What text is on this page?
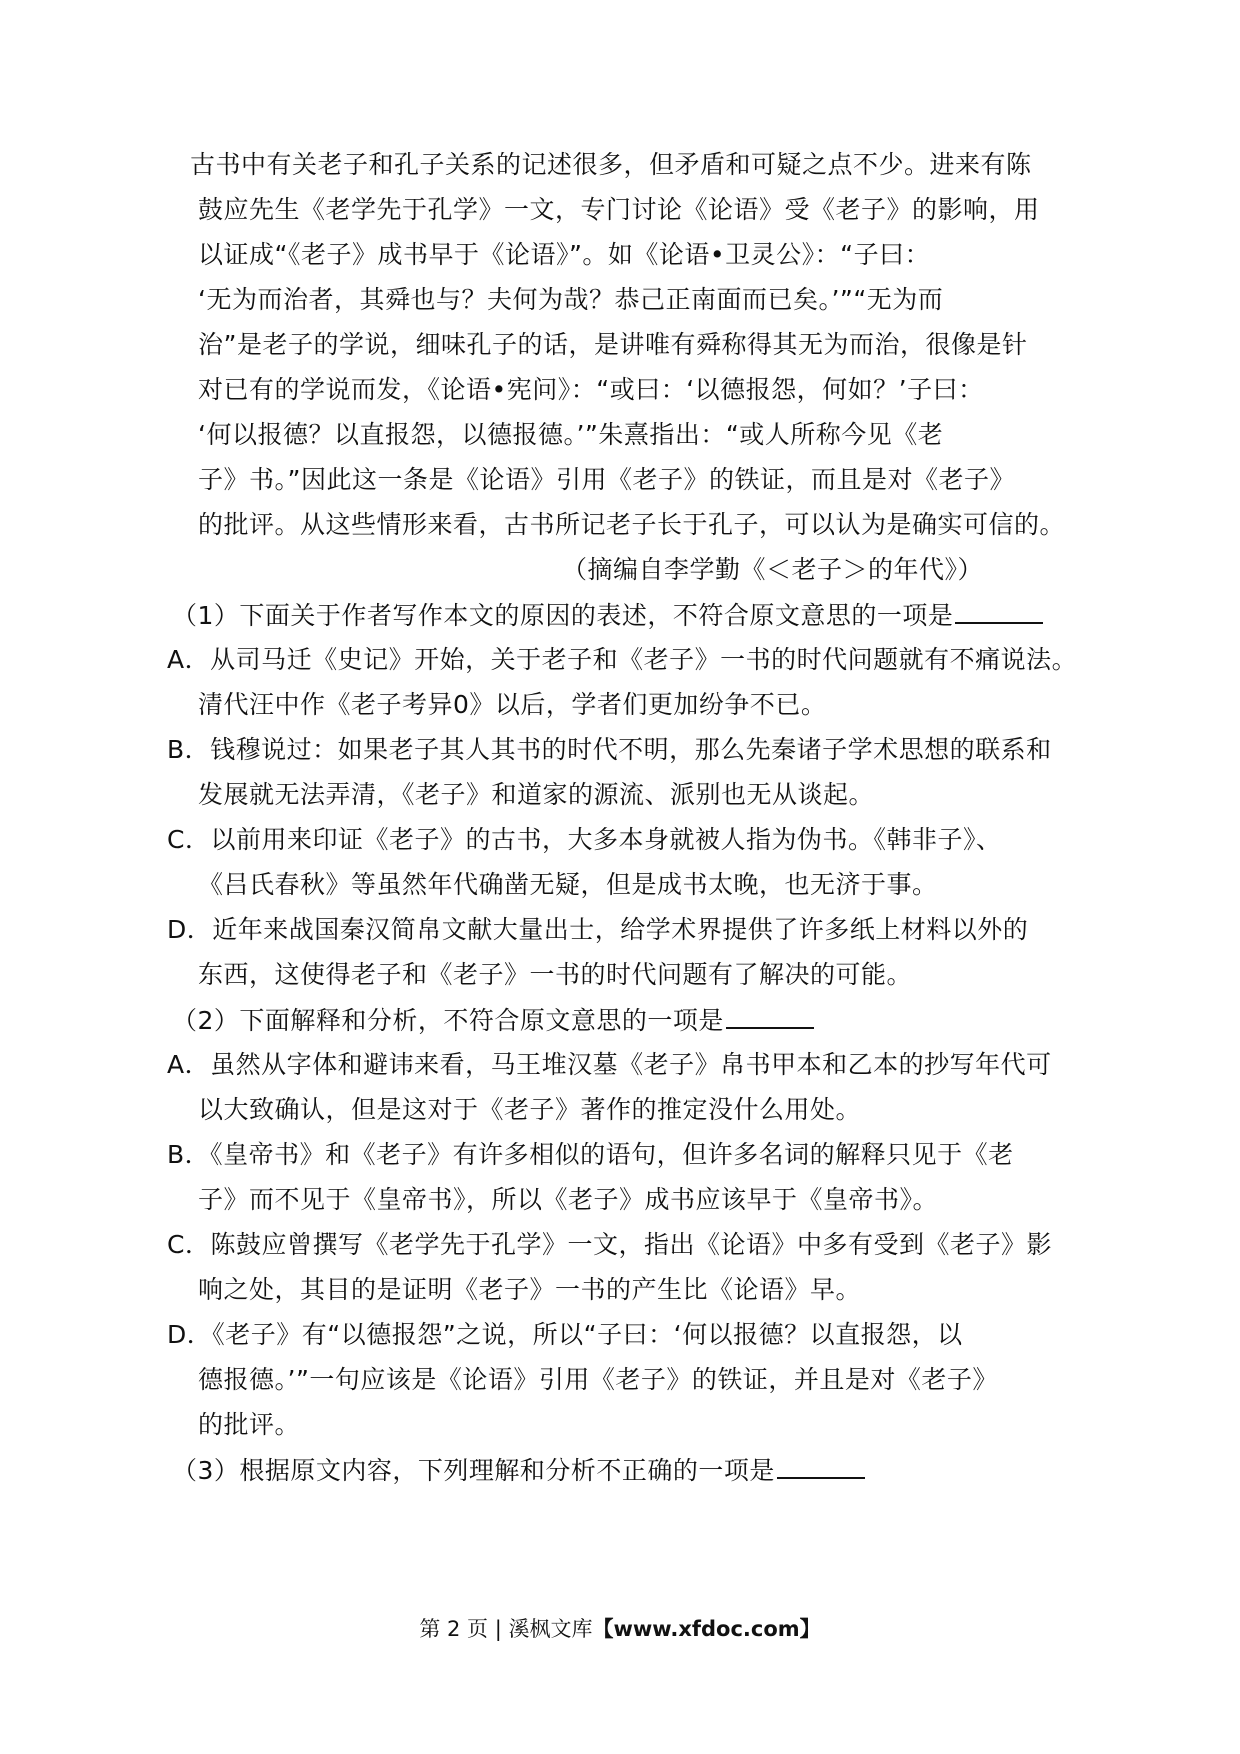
古书中有关老子和孔子关系的记述很多，但矛盾和可疑之点不少。进来有陈
鼓应先生《老学先于孔学》一文，专门讨论《论语》受《老子》的影响，用
以证成“《老子》成书早于《论语》”。如《论语•卫灵公》：“子曰：
‘无为而治者，其舜也与？夫何为哉？恭己正南面而已矣。’”“无为而
治”是老子的学说，细味孔子的话，是讲唯有舜称得其无为而治，很像是针
对已有的学说而发，《论语•宪问》：“或曰：‘以德报怨，何如？’子曰：
‘何以报德？以直报怨，以德报德。’”朱熹指出：“或人所称今见《老
子》书。”因此这一条是《论语》引用《老子》的铁证，而且是对《老子》
的批评。从这些情形来看，古书所记老子长于孔子，可以认为是确实可信的。
（摘编自李学勤《＜老子＞的年代》）
（1）下面关于作者写作本文的原因的表述，不符合原文意思的一项是
A．从司马迁《史记》开始，关于老子和《老子》一书的时代问题就有不痛说法。
清代汪中作《老子考异0》以后，学者们更加纷争不已。
B．钱穆说过：如果老子其人其书的时代不明，那么先秦诸子学术思想的联系和
发展就无法弄清，《老子》和道家的源流、派别也无从谈起。
C．以前用来印证《老子》的古书，大多本身就被人指为伪书。《韩非子》、
《吕氏春秋》等虽然年代确凿无疑，但是成书太晚，也无济于事。
D．近年来战国秦汉简帛文献大量出士，给学术界提供了许多纸上材料以外的
东西，这使得老子和《老子》一书的时代问题有了解决的可能。
（2）下面解释和分析，不符合原文意思的一项是
A．虽然从字体和避讳来看，马王堆汉墓《老子》帛书甲本和乙本的抄写年代可
以大致确认，但是这对于《老子》著作的推定没什么用处。
B．《皇帝书》和《老子》有许多相似的语句，但许多名词的解释只见于《老
子》而不见于《皇帝书》，所以《老子》成书应该早于《皇帝书》。
C．陈鼓应曾撰写《老学先于孔学》一文，指出《论语》中多有受到《老子》影
响之处，其目的是证明《老子》一书的产生比《论语》早。
D．《老子》有“以德报怨”之说，所以“子曰：‘何以报德？以直报怨，以
德报德。’”一句应该是《论语》引用《老子》的铁证，并且是对《老子》
的批评。
（3）根据原文内容，下列理解和分析不正确的一项是
第 2 页 | 溪枫文库【www.xfdoc.com】
